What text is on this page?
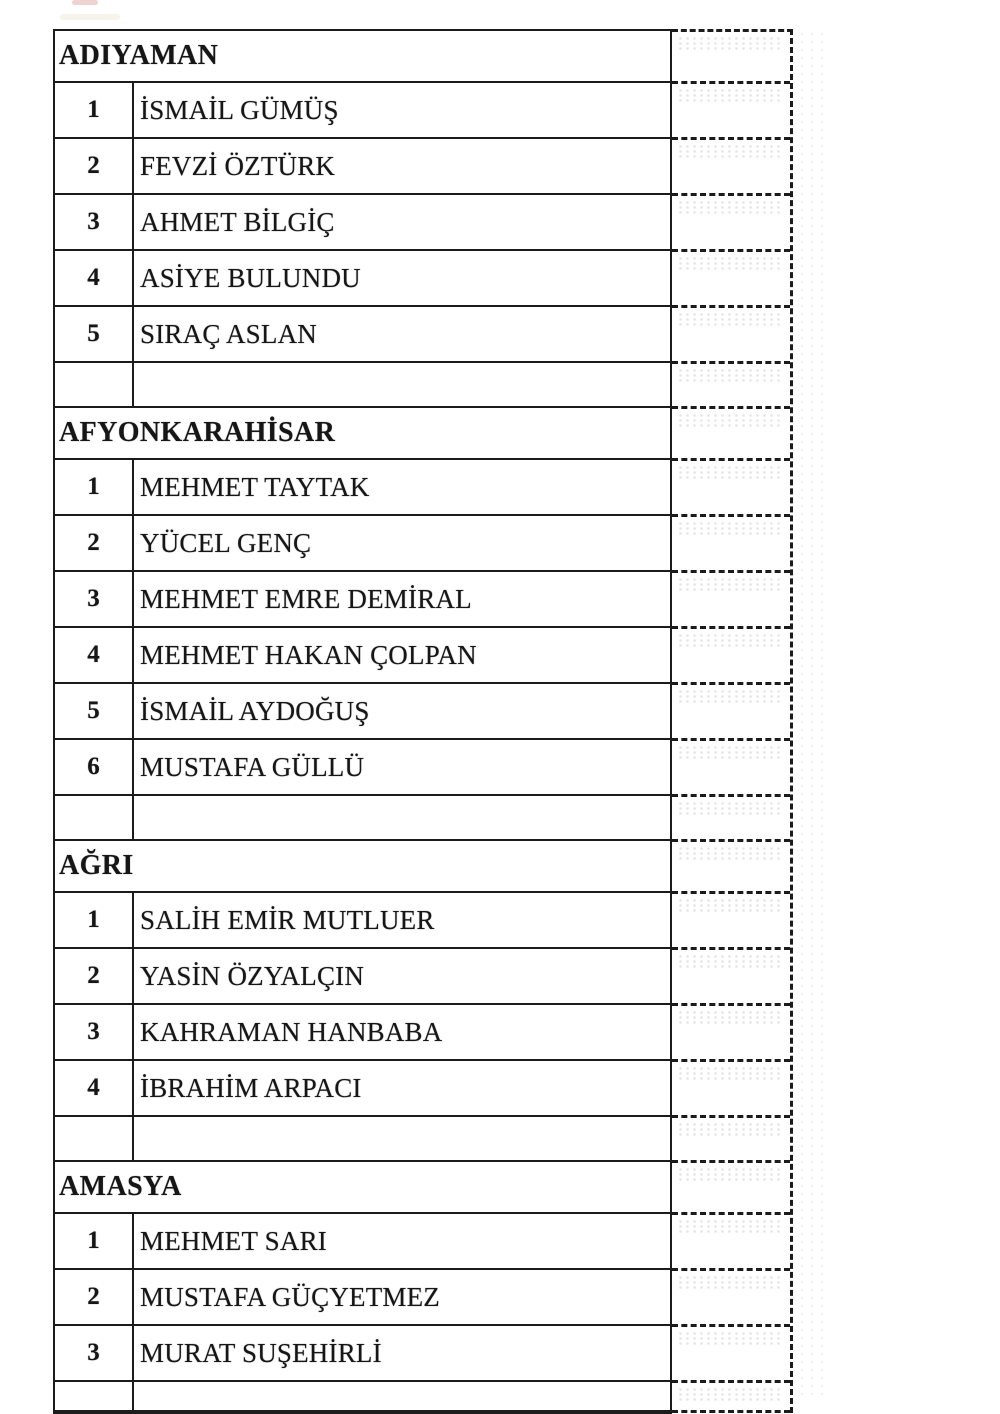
ADIYAMAN
1	İSMAİL GÜMÜŞ
2	FEVZİ ÖZTÜRK
3	AHMET BİLGİÇ
4	ASİYE BULUNDU
5	SIRAÇ ASLAN
AFYONKARAHİSAR
1	MEHMET TAYTAK
2	YÜCEL GENÇ
3	MEHMET EMRE DEMİRAL
4	MEHMET HAKAN ÇOLPAN
5	İSMAİL AYDOĞUŞ
6	MUSTAFA GÜLLÜ
AĞRI
1	SALİH EMİR MUTLUER
2	YASİN ÖZYALÇIN
3	KAHRAMAN HANBABA
4	İBRAHİM ARPACI
AMASYA
1	MEHMET SARI
2	MUSTAFA GÜÇYETMEZ
3	MURAT SUŞEHİRLİ
